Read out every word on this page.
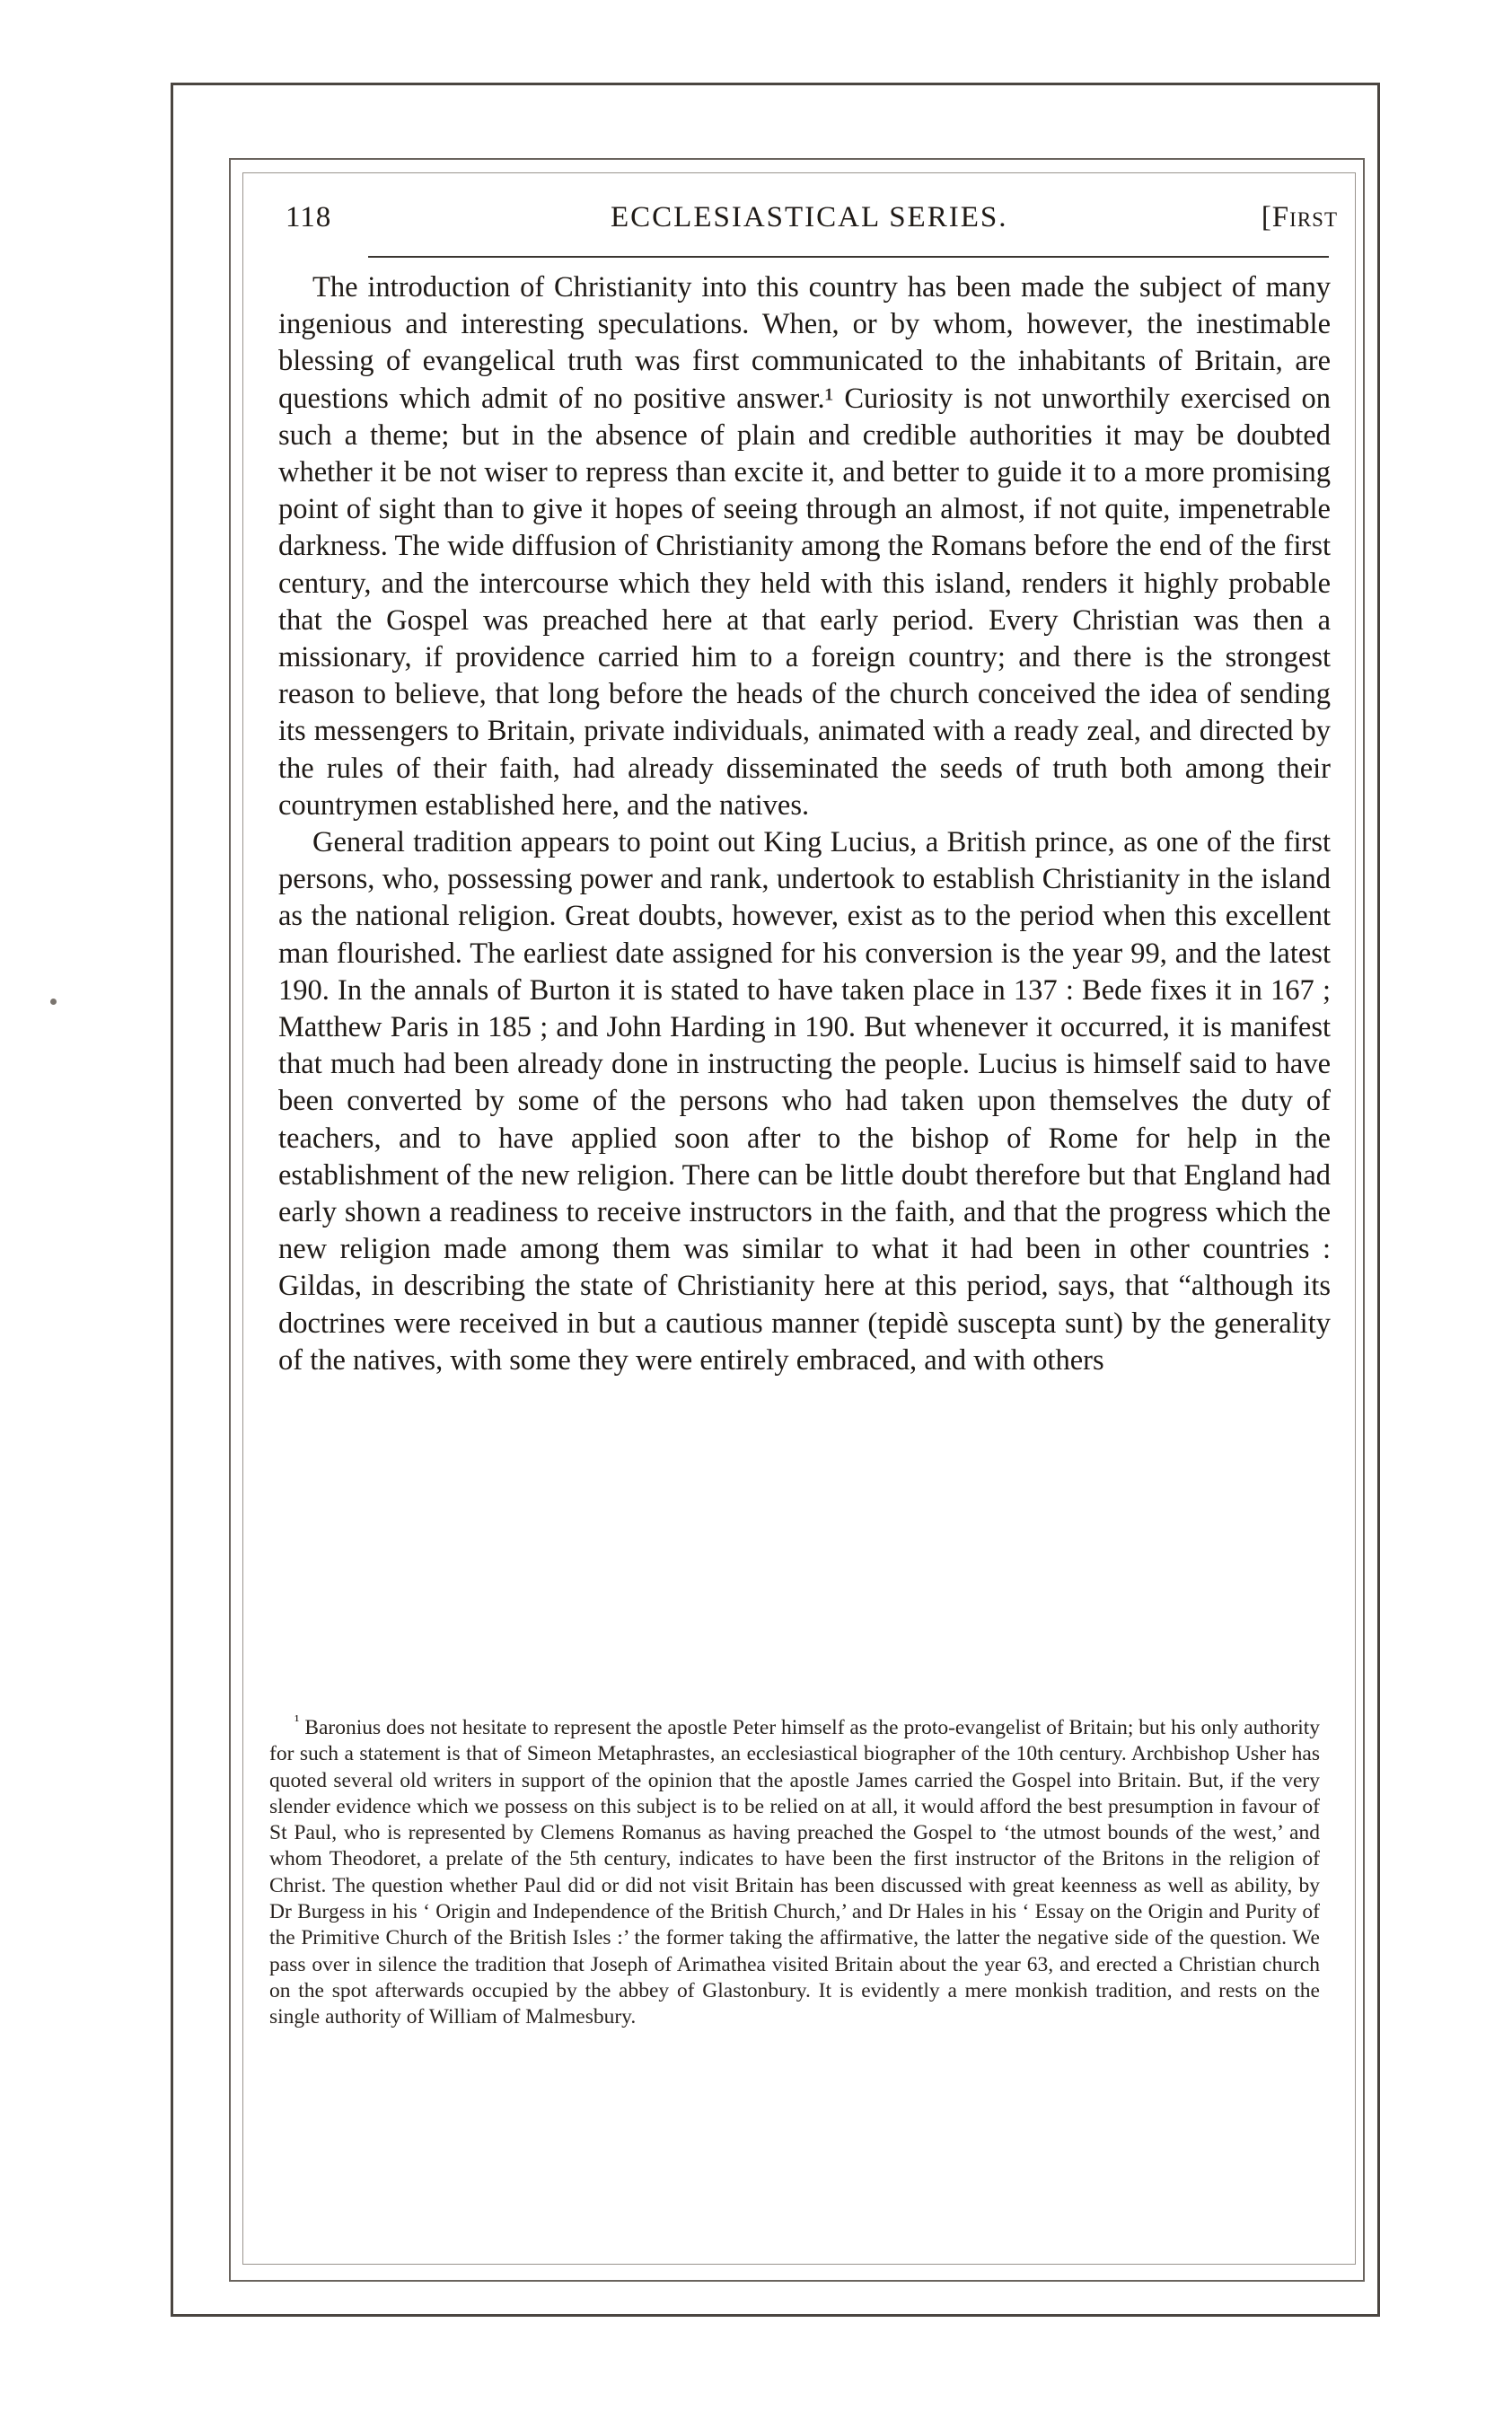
118	ECCLESIASTICAL SERIES.	[First

The introduction of Christianity into this country has been made the subject of many ingenious and interesting speculations. When, or by whom, however, the inestimable blessing of evangelical truth was first communicated to the inhabitants of Britain, are questions which admit of no positive answer.¹ Curiosity is not unworthily exercised on such a theme; but in the absence of plain and credible authorities it may be doubted whether it be not wiser to repress than excite it, and better to guide it to a more promising point of sight than to give it hopes of seeing through an almost, if not quite, impenetrable darkness. The wide diffusion of Christianity among the Romans before the end of the first century, and the intercourse which they held with this island, renders it highly probable that the Gospel was preached here at that early period. Every Christian was then a missionary, if providence carried him to a foreign country; and there is the strongest reason to believe, that long before the heads of the church conceived the idea of sending its messengers to Britain, private individuals, animated with a ready zeal, and directed by the rules of their faith, had already disseminated the seeds of truth both among their countrymen established here, and the natives.

General tradition appears to point out King Lucius, a British prince, as one of the first persons, who, possessing power and rank, undertook to establish Christianity in the island as the national religion. Great doubts, however, exist as to the period when this excellent man flourished. The earliest date assigned for his conversion is the year 99, and the latest 190. In the annals of Burton it is stated to have taken place in 137 : Bede fixes it in 167 ; Matthew Paris in 185 ; and John Harding in 190. But whenever it occurred, it is manifest that much had been already done in instructing the people. Lucius is himself said to have been converted by some of the persons who had taken upon themselves the duty of teachers, and to have applied soon after to the bishop of Rome for help in the establishment of the new religion. There can be little doubt therefore but that England had early shown a readiness to receive instructors in the faith, and that the progress which the new religion made among them was similar to what it had been in other countries : Gildas, in describing the state of Christianity here at this period, says, that “although its doctrines were received in but a cautious manner (tepidè suscepta sunt) by the generality of the natives, with some they were entirely embraced, and with others

$^{^1}$ Baronius does not hesitate to represent the apostle Peter himself as the proto-evangelist of Britain; but his only authority for such a statement is that of Simeon Metaphrastes, an ecclesiastical biographer of the 10th century. Archbishop Usher has quoted several old writers in support of the opinion that the apostle James carried the Gospel into Britain. But, if the very slender evidence which we possess on this subject is to be relied on at all, it would afford the best presumption in favour of St Paul, who is represented by Clemens Romanus as having preached the Gospel to ‘the utmost bounds of the west,’ and whom Theodoret, a prelate of the 5th century, indicates to have been the first instructor of the Britons in the religion of Christ. The question whether Paul did or did not visit Britain has been discussed with great keenness as well as ability, by Dr Burgess in his ‘ Origin and Independence of the British Church,’ and Dr Hales in his ‘ Essay on the Origin and Purity of the Primitive Church of the British Isles :’ the former taking the affirmative, the latter the negative side of the question. We pass over in silence the tradition that Joseph of Arimathea visited Britain about the year 63, and erected a Christian church on the spot afterwards occupied by the abbey of Glastonbury. It is evidently a mere monkish tradition, and rests on the single authority of William of Malmesbury.
